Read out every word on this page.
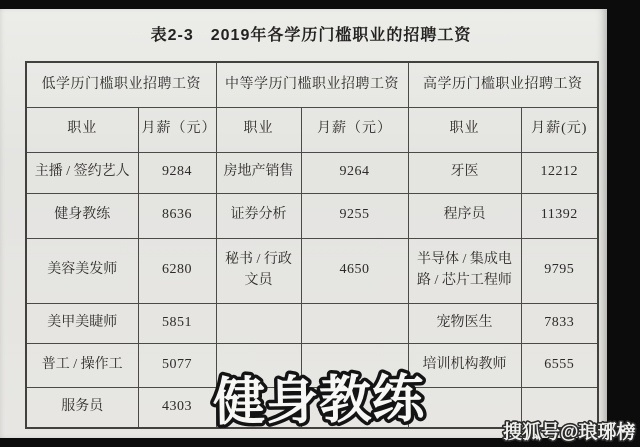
表2-3　2019年各学历门槛职业的招聘工资
低学历门槛职业招聘工资		中等学历门槛职业招聘工资		高学历门槛职业招聘工资	
职业	月薪（元）	职业	月薪（元）	职业	月薪(元)
主播 / 签约艺人	9284	房地产销售	9264	牙医	12212
健身教练	8636	证券分析	9255	程序员	11392
美容美发师	6280	秘书 / 行政文员	4650	半导体 / 集成电路 / 芯片工程师	9795
美甲美睫师	5851			宠物医生	7833
普工 / 操作工	5077			培训机构教师	6555
服务员	4303				健身教练
搜狐号@琅琊榜
